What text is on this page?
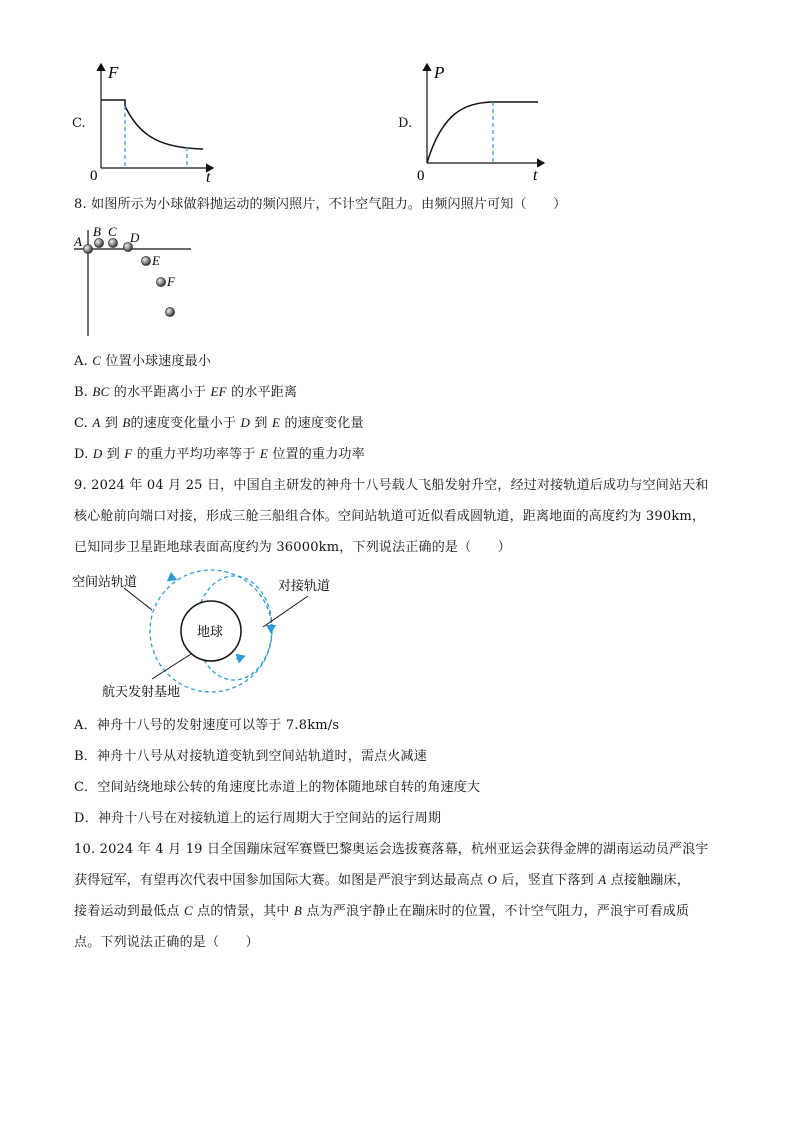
C.
F
0	t
D.
P
0	t
8. 如图所示为小球做斜抛运动的频闪照片，不计空气阻力。由频闪照片可知（　　）
A
B C D
E
F
A. C 位置小球速度最小
B. BC 的水平距离小于 EF 的水平距离
C. A 到 B的速度变化量小于 D 到 E 的速度变化量
D. D 到 F 的重力平均功率等于 E 位置的重力功率
9. 2024 年 04 月 25 日，中国自主研发的神舟十八号载人飞船发射升空，经过对接轨道后成功与空间站天和
核心舱前向端口对接，形成三舱三船组合体。空间站轨道可近似看成圆轨道，距离地面的高度约为 390km，
已知同步卫星距地球表面高度约为 36000km，下列说法正确的是（　　）
空间站轨道	对接轨道
地球
航天发射基地
A．神舟十八号的发射速度可以等于 7.8km/s
B．神舟十八号从对接轨道变轨到空间站轨道时，需点火减速
C．空间站绕地球公转的角速度比赤道上的物体随地球自转的角速度大
D．神舟十八号在对接轨道上的运行周期大于空间站的运行周期
10. 2024 年 4 月 19 日全国蹦床冠军赛暨巴黎奥运会选拔赛落幕，杭州亚运会获得金牌的湖南运动员严浪宇
获得冠军，有望再次代表中国参加国际大赛。如图是严浪宇到达最高点 O 后，竖直下落到 A 点接触蹦床，
接着运动到最低点 C 点的情景，其中 B 点为严浪宇静止在蹦床时的位置，不计空气阻力，严浪宇可看成质
点。下列说法正确的是（　　）
